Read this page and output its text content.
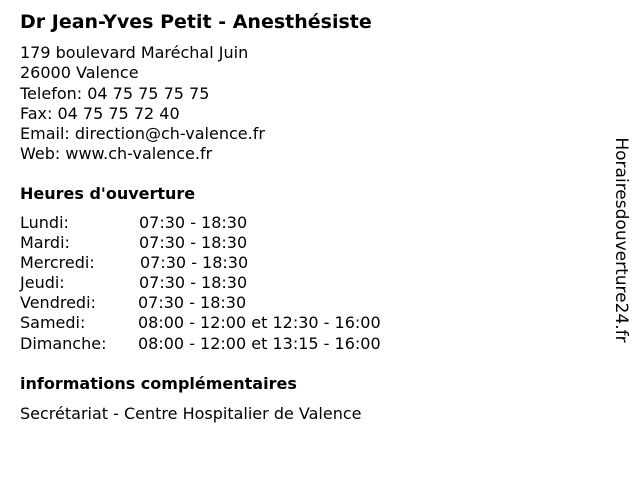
Dr Jean-Yves Petit - Anesthésiste
179 boulevard Maréchal Juin
26000 Valence
Telefon: 04 75 75 75 75
Fax: 04 75 75 72 40
Email: direction@ch-valence.fr
Web: www.ch-valence.fr
Heures d'ouverture
Lundi:	07:30 - 18:30
Mardi:	07:30 - 18:30
Mercredi:	07:30 - 18:30
Jeudi:	07:30 - 18:30
Vendredi:	07:30 - 18:30
Samedi:	08:00 - 12:00 et 12:30 - 16:00
Dimanche: 08:00 - 12:00 et 13:15 - 16:00
informations complémentaires
Secrétariat - Centre Hospitalier de Valence
Horairesdouverture24.fr
